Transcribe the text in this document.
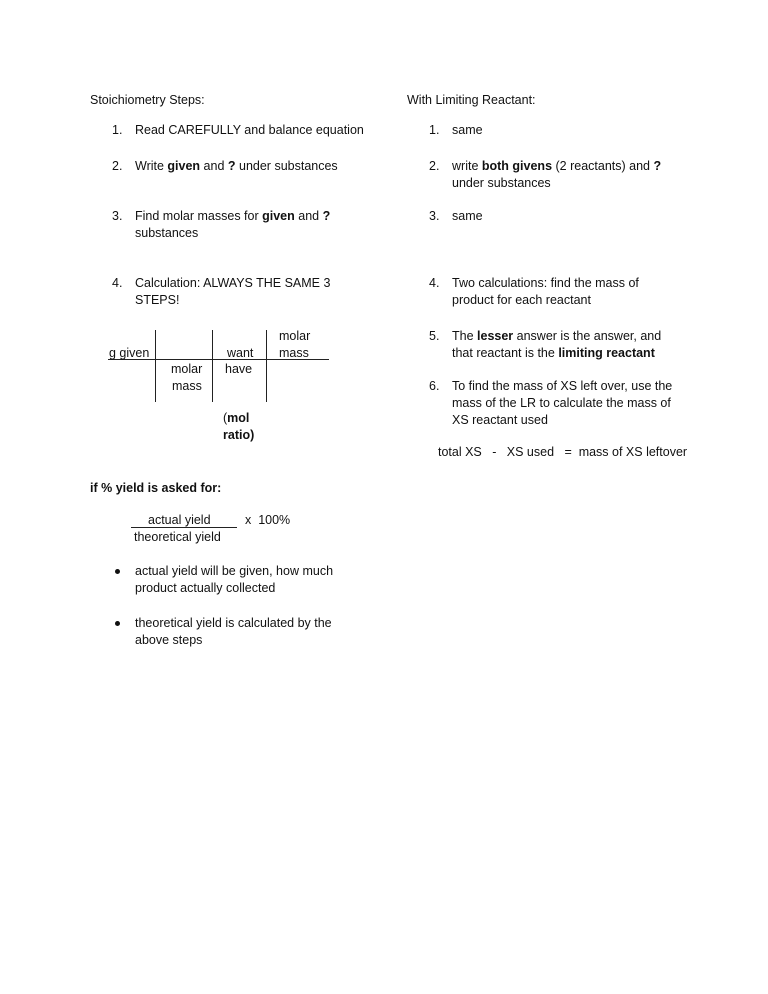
Stoichiometry Steps:
1. Read CAREFULLY and balance equation
2. Write given and ? under substances
3. Find molar masses for given and ?
substances
4. Calculation: ALWAYS THE SAME 3
STEPS!
g given
molar
mass
want
have
molar
mass
(mol
ratio)
if % yield is asked for:
actual yield
theoretical yield
x  100%
actual yield will be given, how much
product actually collected
theoretical yield is calculated by the
above steps
With Limiting Reactant:
1. same
2. write both givens (2 reactants) and ?
under substances
3. same
4. Two calculations: find the mass of
product for each reactant
5. The lesser answer is the answer, and
that reactant is the limiting reactant
6. To find the mass of XS left over, use the
mass of the LR to calculate the mass of
XS reactant used
total XS   -   XS used   =  mass of XS leftover
